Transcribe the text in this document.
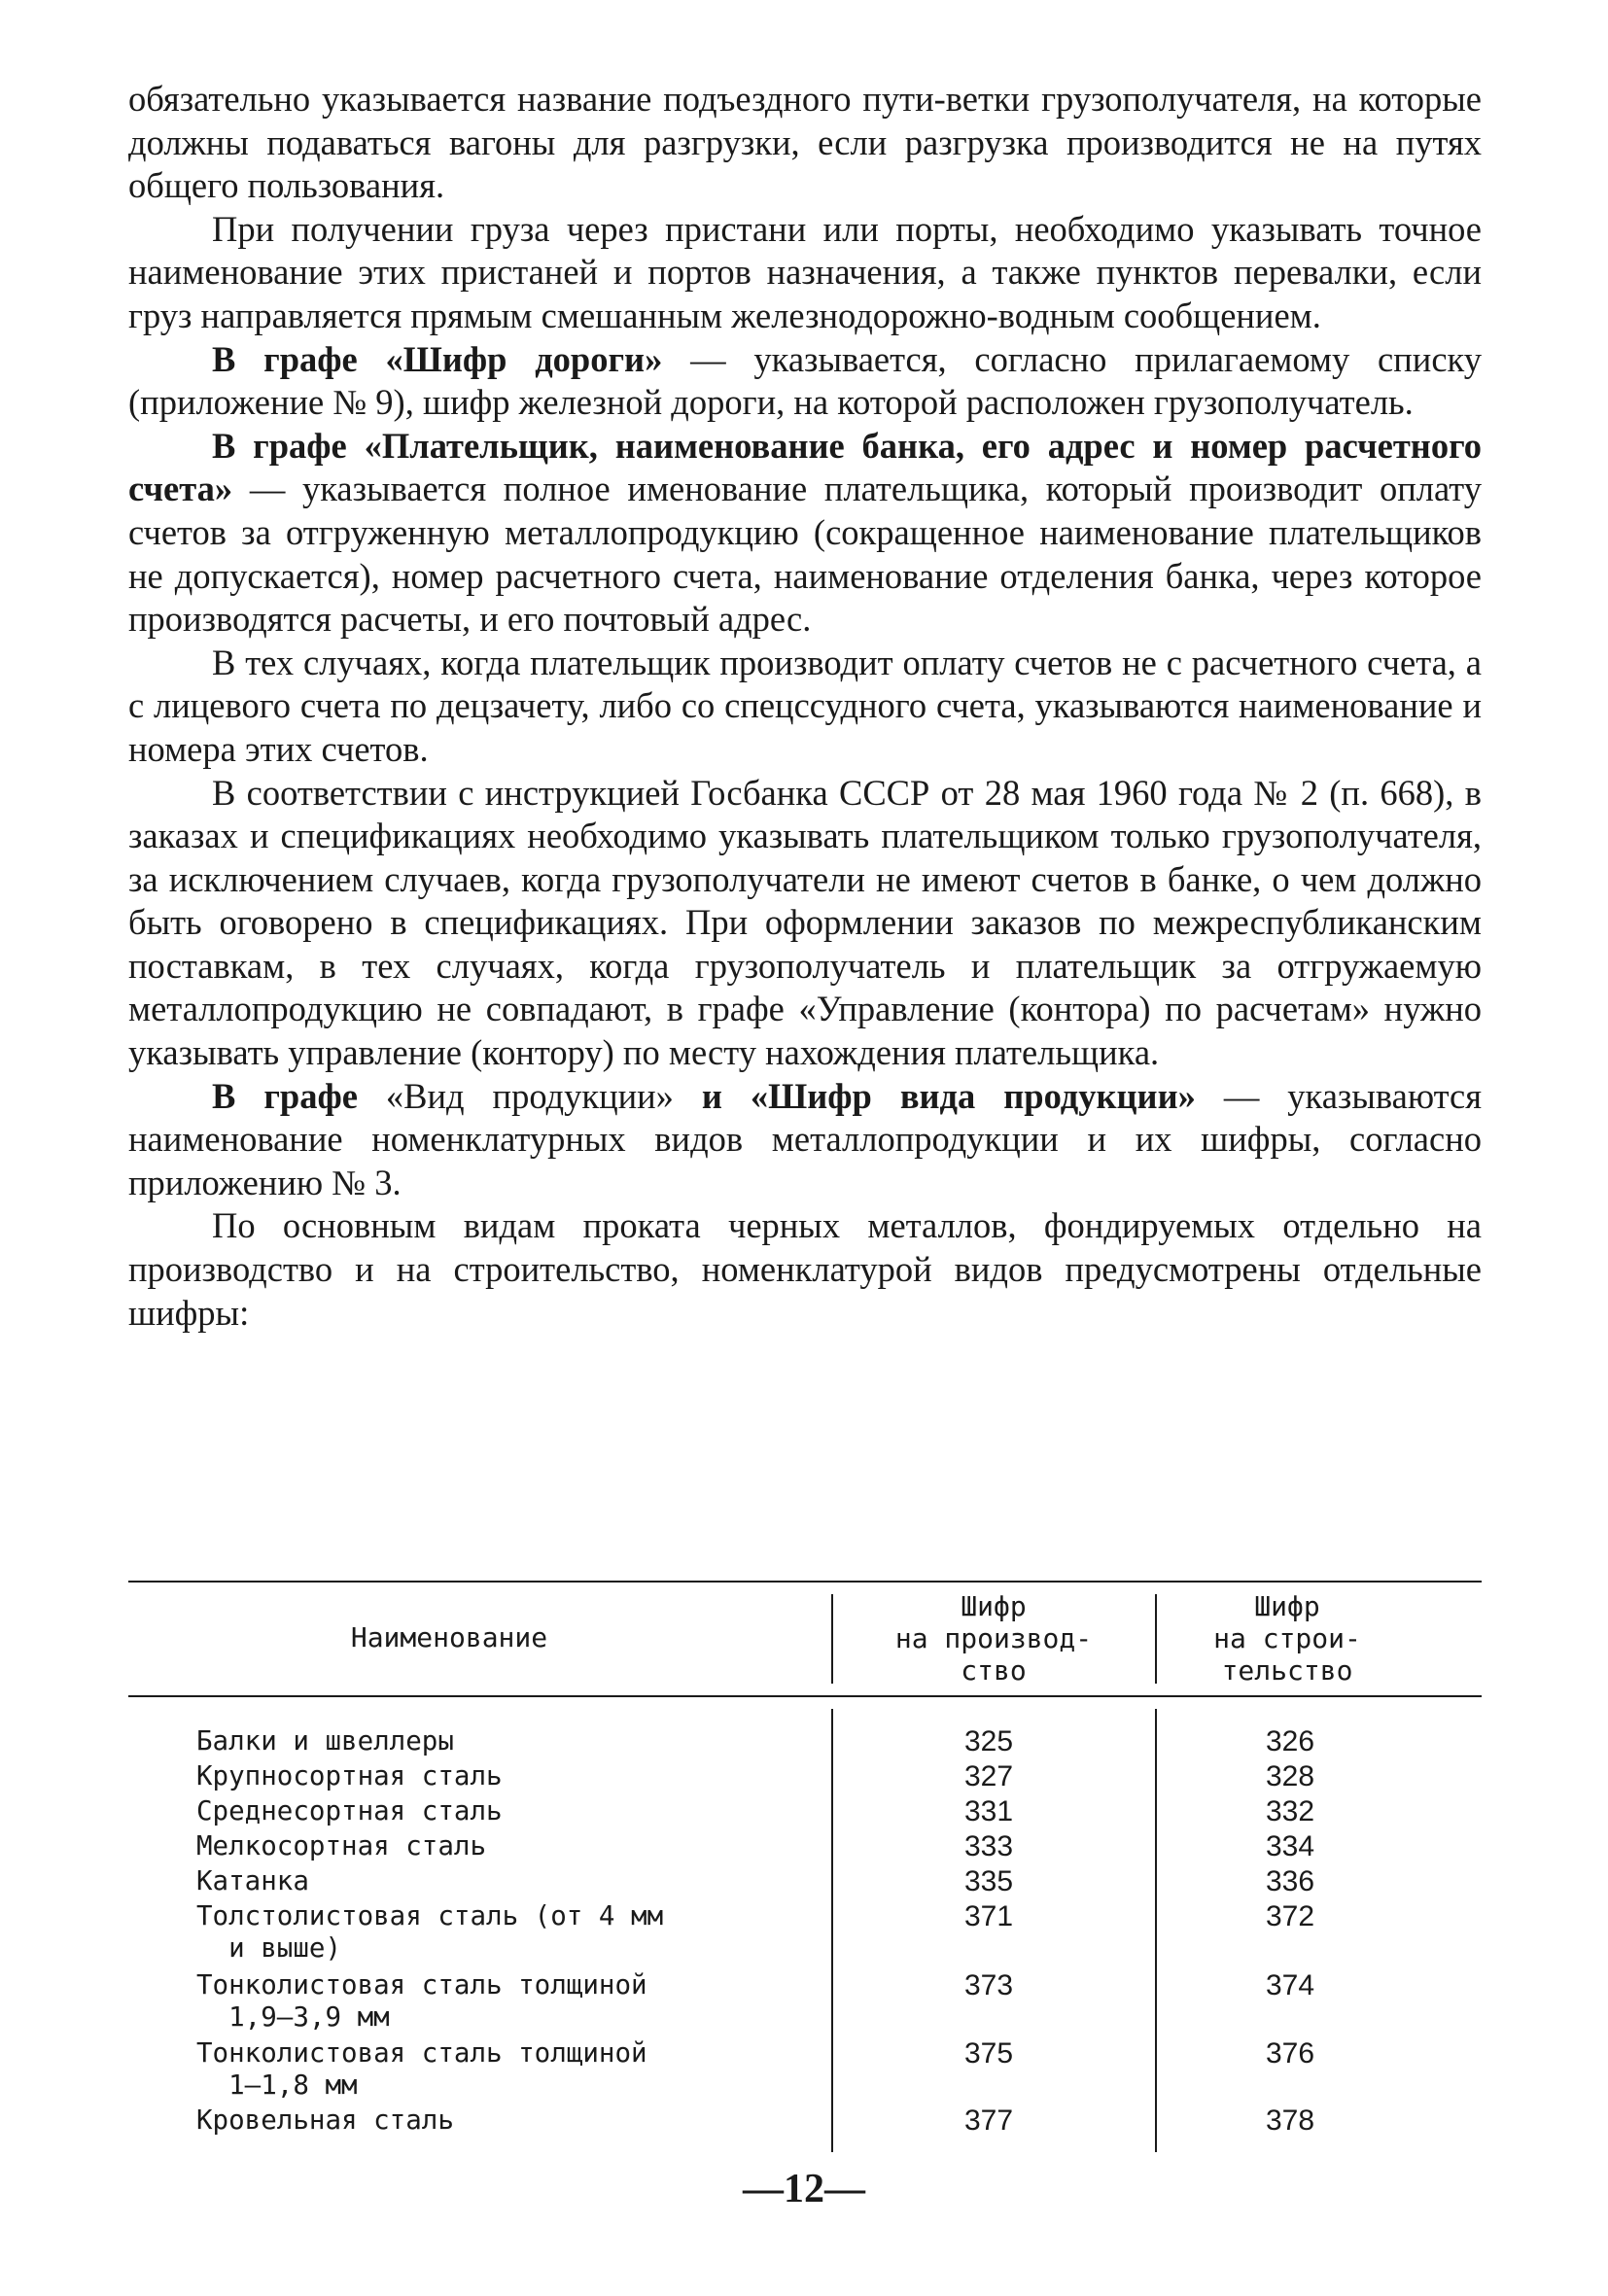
обязательно указывается название подъездного пути-ветки грузополучателя, на которые должны подаваться вагоны для разгрузки, если разгрузка производится не на путях общего пользования.

При получении груза через пристани или порты, необходимо указывать точное наименование этих пристаней и портов назначения, а также пунктов перевалки, если груз направляется прямым смешанным железнодорожно-водным сообщением.

В графе «Шифр дороги» — указывается, согласно прилагаемому списку (приложение № 9), шифр железной дороги, на которой расположен грузополучатель.

В графе «Плательщик, наименование банка, его адрес и номер расчетного счета» — указывается полное именование плательщика, который производит оплату счетов за отгруженную металлопродукцию (сокращенное наименование плательщиков не допускается), номер расчетного счета, наименование отделения банка, через которое производятся расчеты, и его почтовый адрес.

В тех случаях, когда плательщик производит оплату счетов не с расчетного счета, а с лицевого счета по децзачету, либо со спецссудного счета, указываются наименование и номера этих счетов.

В соответствии с инструкцией Госбанка СССР от 28 мая 1960 года № 2 (п. 668), в заказах и спецификациях необходимо указывать плательщиком только грузополучателя, за исключением случаев, когда грузополучатели не имеют счетов в банке, о чем должно быть оговорено в спецификациях. При оформлении заказов по межреспубликанским поставкам, в тех случаях, когда грузополучатель и плательщик за отгружаемую металлопродукцию не совпадают, в графе «Управление (контора) по расчетам» нужно указывать управление (контору) по месту нахождения плательщика.

В графе «Вид продукции» и «Шифр вида продукции» — указываются наименование номенклатурных видов металлопродукции и их шифры, согласно приложению № 3.

По основным видам проката черных металлов, фондируемых отдельно на производство и на строительство, номенклатурой видов предусмотрены отдельные шифры:

Наименование
Шифр
на производ-
ство
Шифр
на строи-
тельство
Балки и швеллеры	325	326
Крупносортная сталь	327	328
Среднесортная сталь	331	332
Мелкосортная сталь	333	334
Катанка	335	336
Толстолистовая сталь (от 4 мм
и выше)
371	372
Тонколистовая сталь толщиной
1,9—3,9 мм
373	374
Тонколистовая сталь толщиной
1—1,8 мм
375	376
Кровельная сталь	377	378
—12—
